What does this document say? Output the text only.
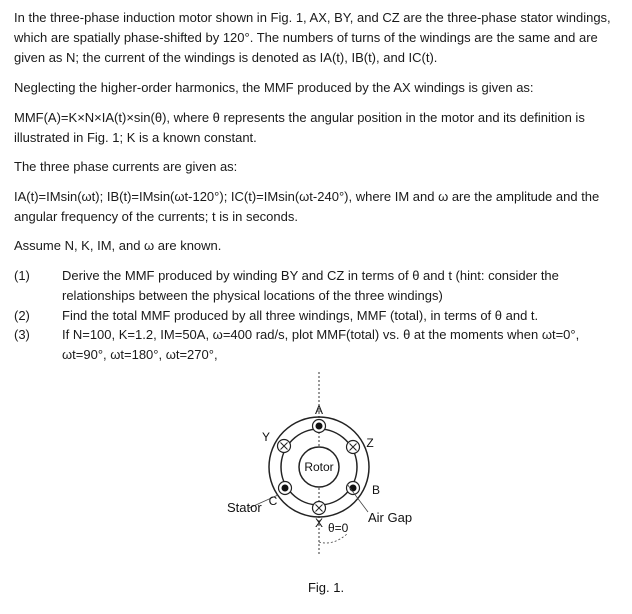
In the three-phase induction motor shown in Fig. 1, AX, BY, and CZ are the three-phase stator windings, which are spatially phase-shifted by 120°. The numbers of turns of the windings are the same and are given as N; the current of the windings is denoted as IA(t), IB(t), and IC(t).

Neglecting the higher-order harmonics, the MMF produced by the AX windings is given as:

MMF(A)=K×N×IA(t)×sin(θ), where θ represents the angular position in the motor and its definition is illustrated in Fig. 1; K is a known constant.

The three phase currents are given as:

IA(t)=IMsin(ωt); IB(t)=IMsin(ωt-120°); IC(t)=IMsin(ωt-240°), where IM and ω are the amplitude and the angular frequency of the currents; t is in seconds.

Assume N, K, IM, and ω are known.

(1) Derive the MMF produced by winding BY and CZ in terms of θ and t (hint: consider the relationships between the physical locations of the three windings)

(2) Find the total MMF produced by all three windings, MMF (total), in terms of θ and t.

(3) If N=100, K=1.2, IM=50A, ω=400 rad/s, plot MMF(total) vs. θ at the moments when ωt=0°, ωt=90°, ωt=180°, ωt=270°,

A
Y	Z
C
B
X
Rotor
Stator
Air Gap
θ=0
Fig. 1.
